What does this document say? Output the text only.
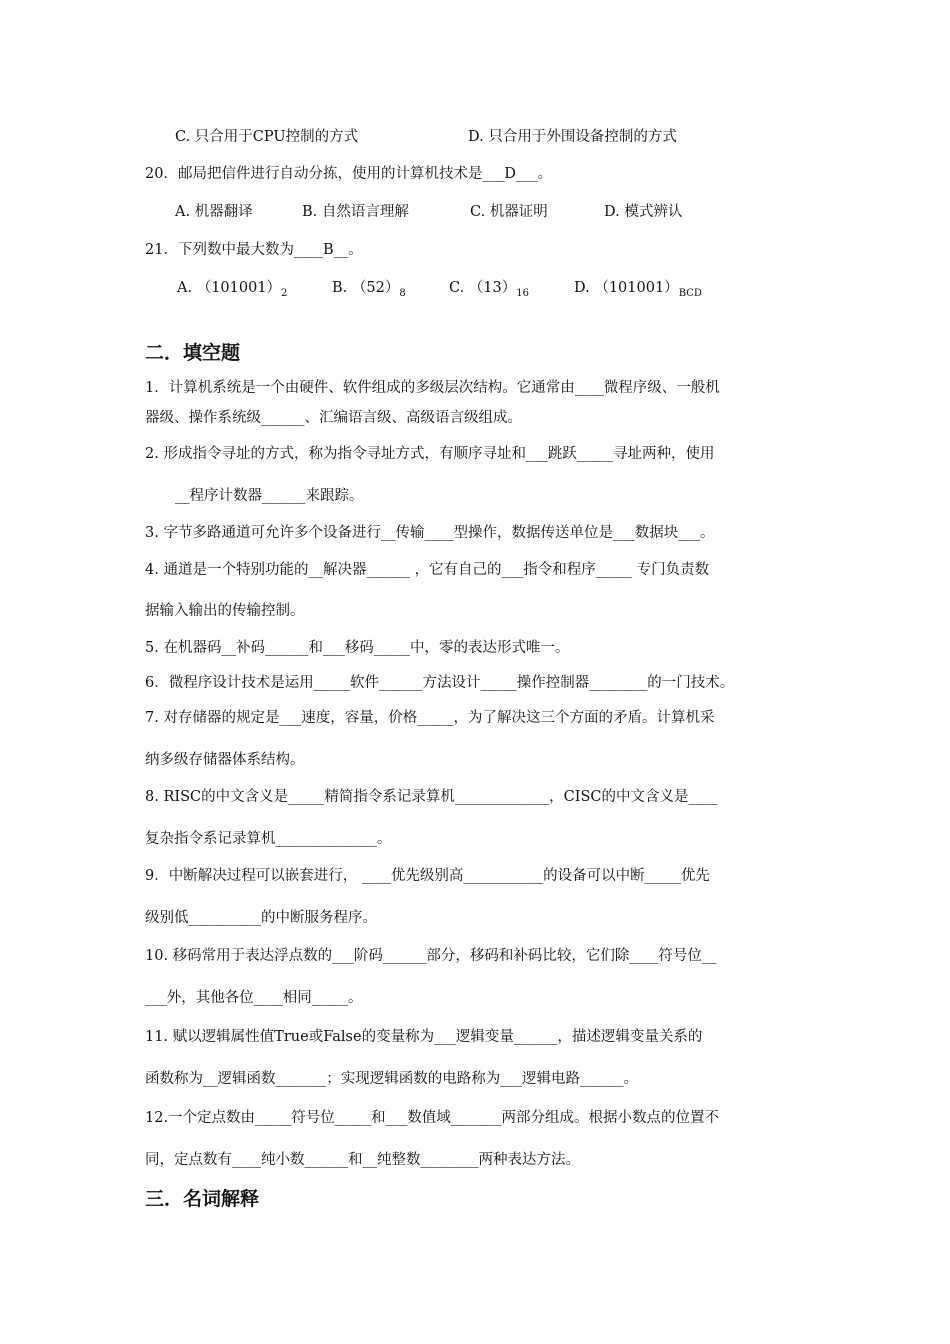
C. 只合用于CPU控制的方式	D. 只合用于外围设备控制的方式
20．邮局把信件进行自动分拣，使用的计算机技术是___D___。
A. 机器翻译	B. 自然语言理解	C. 机器证明	D. 模式辨认
21．下列数中最大数为____B__。
A. $(101001)_2$	B. $(52)_8$	C. $(13)_{16}$	D. $(101001)_{BCD}$
二．填空题
1．计算机系统是一个由硬件、软件组成的多级层次结构。它通常由____微程序级、一般机
器级、操作系统级______、汇编语言级、高级语言级组成。
2. 形成指令寻址的方式，称为指令寻址方式，有顺序寻址和___跳跃_____寻址两种，使用
__程序计数器______来跟踪。
3. 字节多路通道可允许多个设备进行__传输____型操作，数据传送单位是___数据块___。
4. 通道是一个特别功能的__解决器______ ，它有自己的___指令和程序_____ 专门负责数
据输入输出的传输控制。
5. 在机器码__补码______和___移码_____中，零的表达形式唯一。
6．微程序设计技术是运用_____软件______方法设计_____操作控制器________的一门技术。
7. 对存储器的规定是___速度，容量，价格_____，为了解决这三个方面的矛盾。计算机采
纳多级存储器体系结构。
8. RISC的中文含义是_____精简指令系记录算机_____________，CISC的中文含义是____
复杂指令系记录算机______________。
9．中断解决过程可以嵌套进行， ____优先级别高___________的设备可以中断_____优先
级别低__________的中断服务程序。
10. 移码常用于表达浮点数的___阶码______部分，移码和补码比较，它们除____符号位__
___外，其他各位____相同_____。
11. 赋以逻辑属性值True或False的变量称为___逻辑变量______，描述逻辑变量关系的
函数称为__逻辑函数_______；实现逻辑函数的电路称为___逻辑电路______。
12.一个定点数由_____符号位_____和___数值域_______两部分组成。根据小数点的位置不
同，定点数有____纯小数______和__纯整数________两种表达方法。
三．名词解释
